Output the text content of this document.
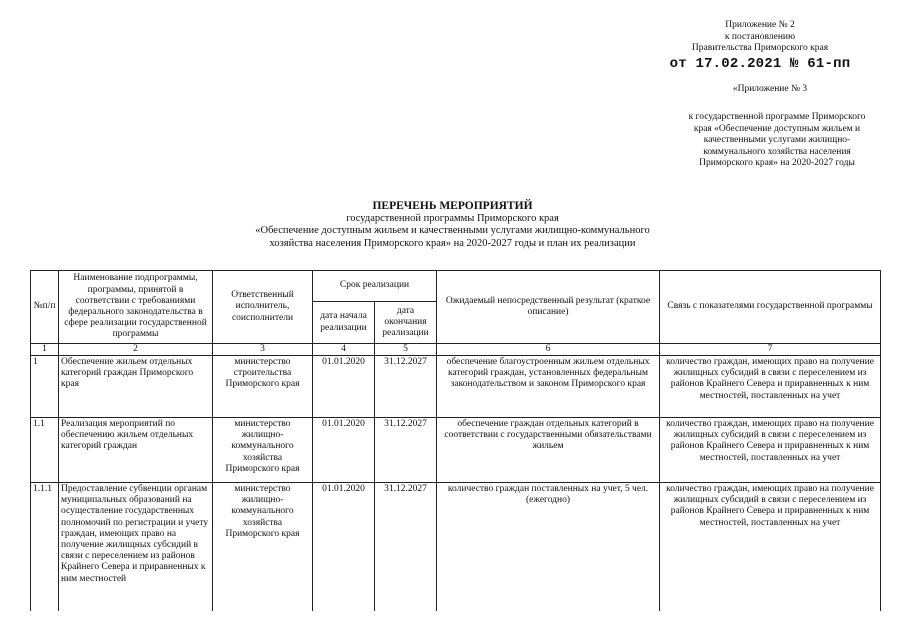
Приложение № 2
к постановлению
Правительства Приморского края
от 17.02.2021 № 61-пп
«Приложение № 3
к государственной программе Приморского
края «Обеспечение доступным жильем и
качественными услугами жилищно-
коммунального хозяйства населения
Приморского края» на 2020-2027 годы
ПЕРЕЧЕНЬ МЕРОПРИЯТИЙ
государственной программы Приморского края
«Обеспечение доступным жильем и качественными услугами жилищно-коммунального
хозяйства населения Приморского края» на 2020-2027 годы и план их реализации
№п/п	Наименование подпрограммы, программы, принятой в соответствии с требованиями федерального законодательства в сфере реализации государственной программы	Ответственный исполнитель, соисполнители	Срок реализации		Ожидаемый непосредственный результат (краткое описание)	Связь с показателями государственной программы
			дата начала реализации	дата окончания реализации		
1	2	3	4	5	6	7
1	Обеспечение жильем отдельных категорий граждан Приморского края	министерство строительства Приморского края	01.01.2020	31.12.2027	обеспечение благоустроенным жильем отдельных категорий граждан, установленных федеральным законодательством и законом Приморского края	количество граждан, имеющих право на получение жилищных субсидий в связи с переселением из районов Крайнего Севера и приравненных к ним местностей, поставленных на учет
1.1	Реализация мероприятий по обеспечению жильем отдельных категорий граждан	министерство жилищно-коммунального хозяйства Приморского края	01.01.2020	31.12.2027	обеспечение граждан отдельных категорий в соответствии с государственными обязательствами жильем	количество граждан, имеющих право на получение жилищных субсидий в связи с переселением из районов Крайнего Севера и приравненных к ним местностей, поставленных на учет
1.1.1	Предоставление субвенции органам муниципальных образований на осуществление государственных полномочий по регистрации и учету граждан, имеющих право на получение жилищных субсидий в связи с переселением из районов Крайнего Севера и приравненных к ним местностей	министерство жилищно-коммунального хозяйства Приморского края	01.01.2020	31.12.2027	количество граждан поставленных на учет, 5 чел. (ежегодно)	количество граждан, имеющих право на получение жилищных субсидий в связи с переселением из районов Крайнего Севера и приравненных к ним местностей, поставленных на учет
